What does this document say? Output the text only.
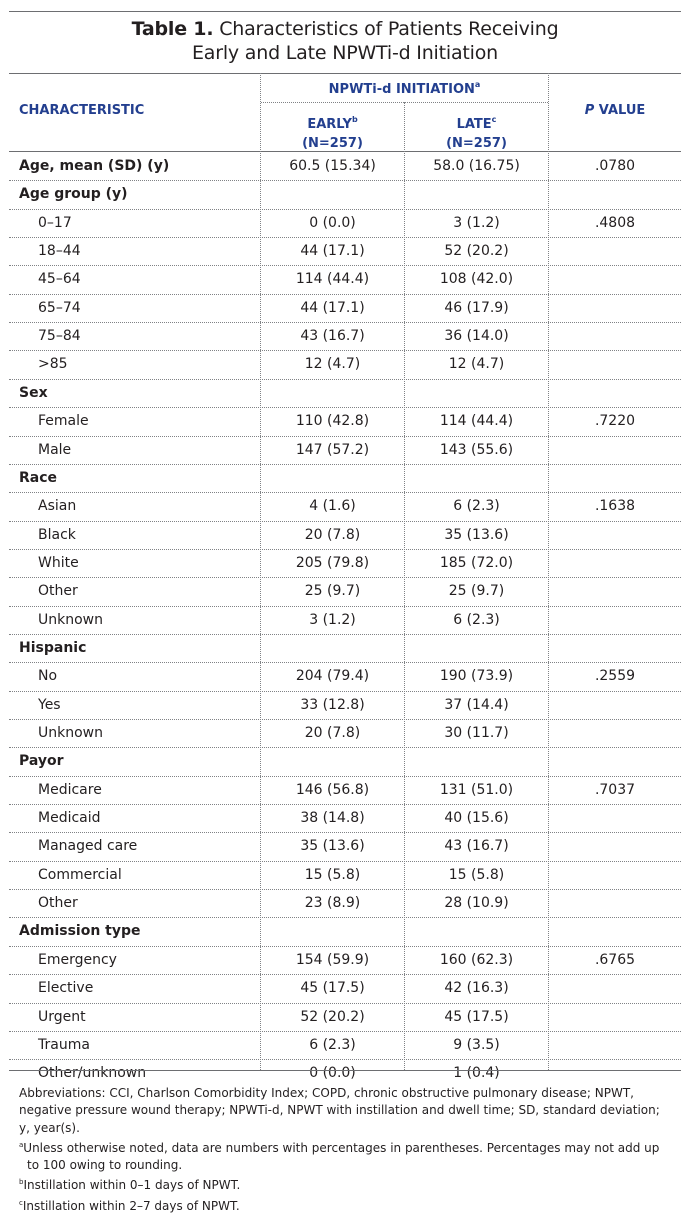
Table 1. Characteristics of Patients Receiving
Early and Late NPWTi-d Initiation
CHARACTERISTIC
NPWTi-d INITIATION$^a$
EARLY$^b$
(N=257)
LATE$^c$
(N=257)
P VALUE
Age, mean (SD) (y)	60.5 (15.34)	58.0 (16.75)	.0780
Age group (y)
0–17	0 (0.0)	3 (1.2)	.4808
18–44	44 (17.1)	52 (20.2)
45–64	114 (44.4)	108 (42.0)
65–74	44 (17.1)	46 (17.9)
75–84	43 (16.7)	36 (14.0)
>85	12 (4.7)	12 (4.7)
Sex
Female	110 (42.8)	114 (44.4)	.7220
Male	147 (57.2)	143 (55.6)
Race
Asian	4 (1.6)	6 (2.3)	.1638
Black	20 (7.8)	35 (13.6)
White	205 (79.8)	185 (72.0)
Other	25 (9.7)	25 (9.7)
Unknown	3 (1.2)	6 (2.3)
Hispanic
No	204 (79.4)	190 (73.9)	.2559
Yes	33 (12.8)	37 (14.4)
Unknown	20 (7.8)	30 (11.7)
Payor
Medicare	146 (56.8)	131 (51.0)	.7037
Medicaid	38 (14.8)	40 (15.6)
Managed care	35 (13.6)	43 (16.7)
Commercial	15 (5.8)	15 (5.8)
Other	23 (8.9)	28 (10.9)
Admission type
Emergency	154 (59.9)	160 (62.3)	.6765
Elective	45 (17.5)	42 (16.3)
Urgent	52 (20.2)	45 (17.5)
Trauma	6 (2.3)	9 (3.5)
Other/unknown	0 (0.0)	1 (0.4)

Abbreviations: CCI, Charlson Comorbidity Index; COPD, chronic obstructive pulmonary disease; NPWT, negative pressure wound therapy; NPWTi-d, NPWT with instillation and dwell time; SD, standard deviation; y, year(s).

$^a$Unless otherwise noted, data are numbers with percentages in parentheses. Percentages may not add up to 100 owing to rounding.

$^b$Instillation within 0–1 days of NPWT.

$^c$Instillation within 2–7 days of NPWT.
